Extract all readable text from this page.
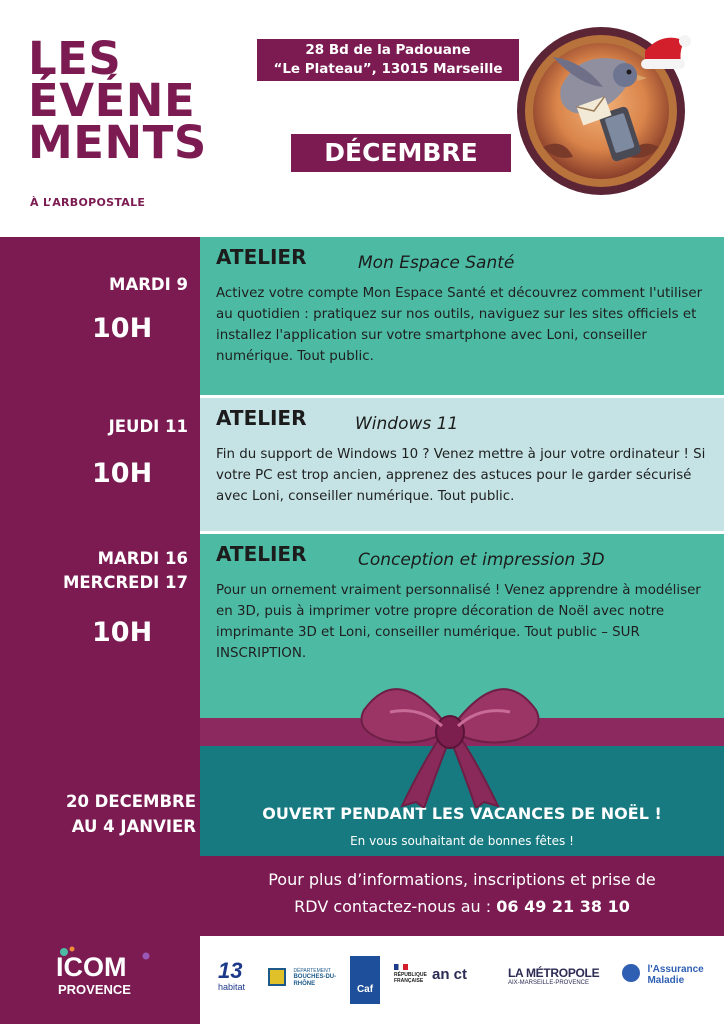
LES
ÉVÉNE
MENTS
À L’ARBOPOSTALE
28 Bd de la Padouane
“Le Plateau”, 13015 Marseille
DÉCEMBRE
ATELIER	Mon Espace Santé
Activez votre compte Mon Espace Santé et découvrez comment l'utiliser au quotidien : pratiquez sur nos outils, naviguez sur les sites officiels et installez l'application sur votre smartphone avec Loni, conseiller numérique. Tout public.
MARDI 9
10H
ATELIER	Windows 11
Fin du support de Windows 10 ? Venez mettre à jour votre ordinateur ! Si votre PC est trop ancien, apprenez des astuces pour le garder sécurisé avec Loni, conseiller numérique. Tout public.
JEUDI 11
10H
ATELIER	Conception et impression 3D
Pour un ornement vraiment personnalisé ! Venez apprendre à modéliser en 3D, puis à imprimer votre propre décoration de Noël avec notre imprimante 3D et Loni, conseiller numérique. Tout public – SUR INSCRIPTION.
MARDI 16
MERCREDI 17
10H
OUVERT PENDANT LES VACANCES DE NOËL !
En vous souhaitant de bonnes fêtes !
20 DECEMBRE
AU 4 JANVIER
Pour plus d’informations, inscriptions et prise de
RDV contactez-nous au : 06 49 21 38 10
ICOM
PROVENCE
13
habitat

DÉPARTEMENT
BOUCHES-DU-RHÔNE	Caf
RÉPUBLIQUE
FRANÇAISE an ct	LA MÉTROPOLE
AIX-MARSEILLE-PROVENCE

l'Assurance
Maladie
